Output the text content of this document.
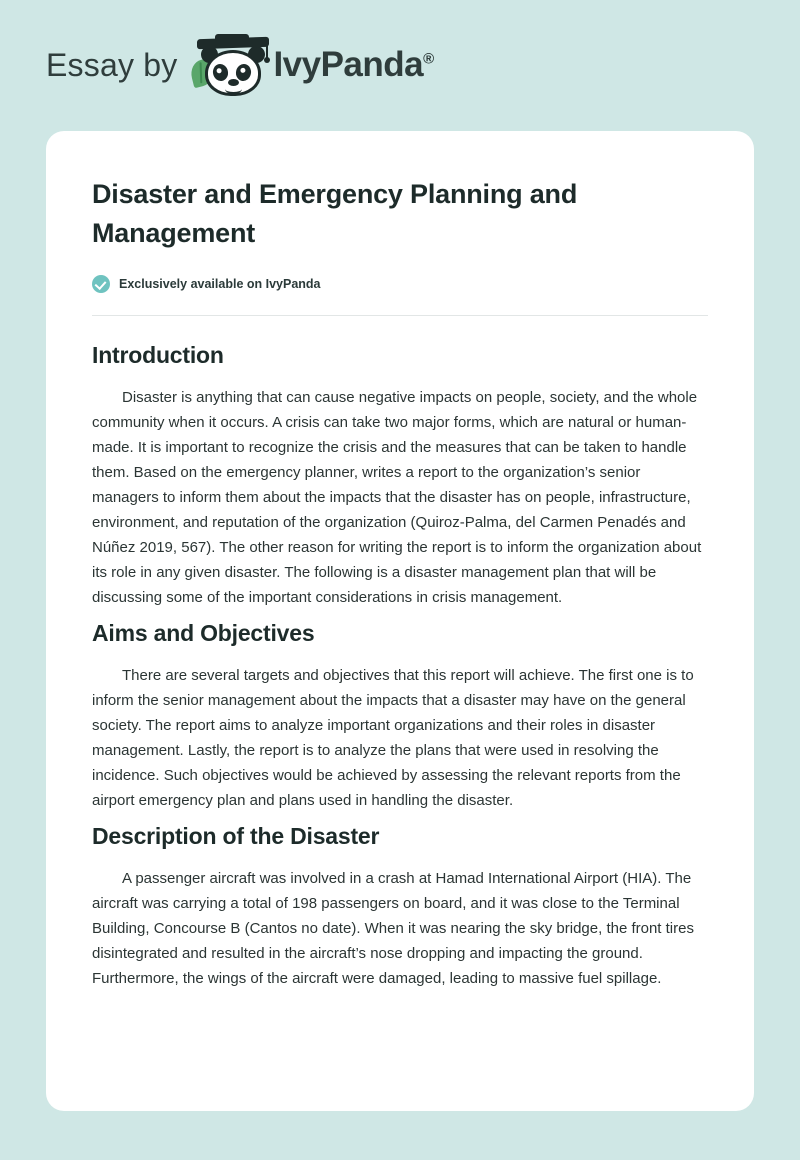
Essay by	IvyPanda®
Disaster and Emergency Planning and Management
Exclusively available on IvyPanda
Introduction

Disaster is anything that can cause negative impacts on people, society, and the whole community when it occurs. A crisis can take two major forms, which are natural or human-made. It is important to recognize the crisis and the measures that can be taken to handle them. Based on the emergency planner, writes a report to the organization’s senior managers to inform them about the impacts that the disaster has on people, infrastructure, environment, and reputation of the organization (Quiroz-Palma, del Carmen Penadés and Núñez 2019, 567). The other reason for writing the report is to inform the organization about its role in any given disaster. The following is a disaster management plan that will be discussing some of the important considerations in crisis management.

Aims and Objectives

There are several targets and objectives that this report will achieve. The first one is to inform the senior management about the impacts that a disaster may have on the general society. The report aims to analyze important organizations and their roles in disaster management. Lastly, the report is to analyze the plans that were used in resolving the incidence. Such objectives would be achieved by assessing the relevant reports from the airport emergency plan and plans used in handling the disaster.

Description of the Disaster

A passenger aircraft was involved in a crash at Hamad International Airport (HIA). The aircraft was carrying a total of 198 passengers on board, and it was close to the Terminal Building, Concourse B (Cantos no date). When it was nearing the sky bridge, the front tires disintegrated and resulted in the aircraft’s nose dropping and impacting the ground. Furthermore, the wings of the aircraft were damaged, leading to massive fuel spillage.
